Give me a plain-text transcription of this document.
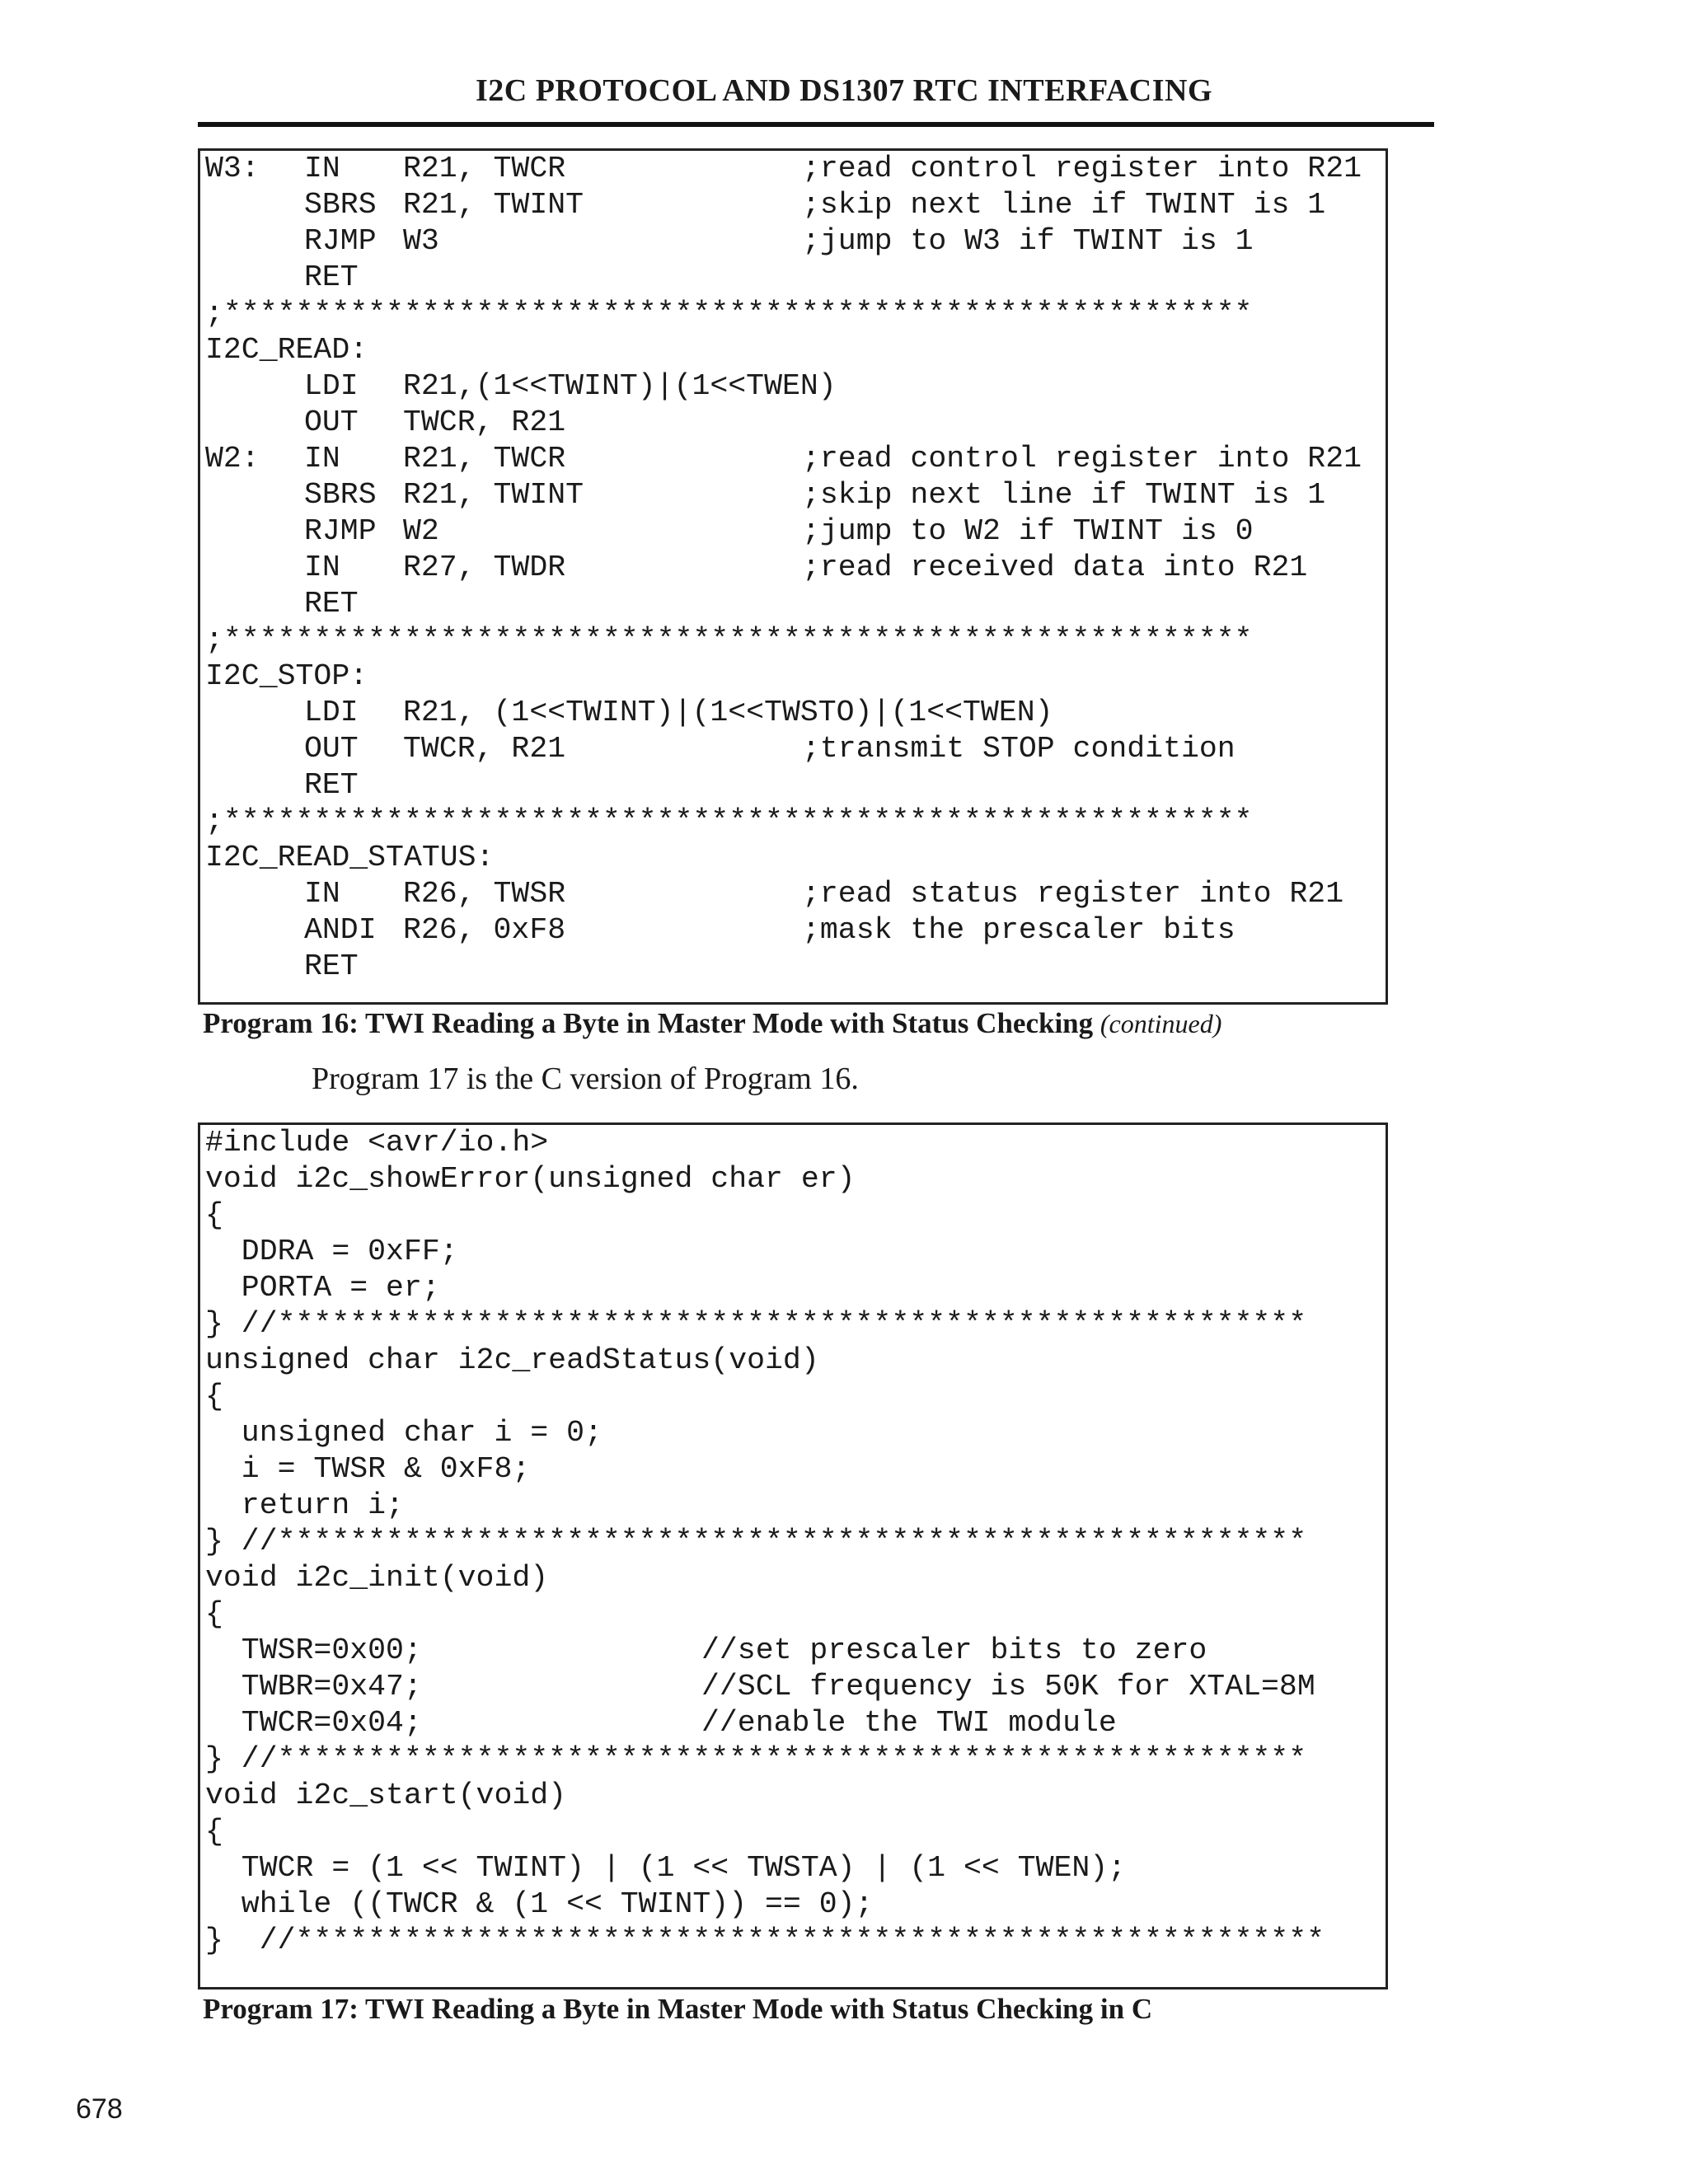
I2C PROTOCOL AND DS1307 RTC INTERFACING
W3: IN R21, TWCR	;read control register into R21
SBRS R21, TWINT	;skip next line if TWINT is 1
RJMP W3	;jump to W3 if TWINT is 1
RET
;*********************************************************
I2C_READ:
LDI R21,(1<<TWINT)|(1<<TWEN)
OUT TWCR, R21
W2: IN R21, TWCR	;read control register into R21
SBRS R21, TWINT	;skip next line if TWINT is 1
RJMP W2	;jump to W2 if TWINT is 0
IN R27, TWDR	;read received data into R21
RET
;*********************************************************
I2C_STOP:
LDI R21, (1<<TWINT)|(1<<TWSTO)|(1<<TWEN)
OUT TWCR, R21	;transmit STOP condition
RET
;*********************************************************
I2C_READ_STATUS:
IN R26, TWSR	;read status register into R21
ANDI R26, 0xF8	;mask the prescaler bits
RET
Program 16: TWI Reading a Byte in Master Mode with Status Checking (continued)
Program 17 is the C version of Program 16.
#include <avr/io.h>
void i2c_showError(unsigned char er)
{
DDRA = 0xFF;
PORTA = er;
} //*********************************************************
unsigned char i2c_readStatus(void)
{
unsigned char i = 0;
i = TWSR & 0xF8;
return i;
} //*********************************************************
void i2c_init(void)
{
TWSR=0x00;	//set prescaler bits to zero
TWBR=0x47;	//SCL frequency is 50K for XTAL=8M
TWCR=0x04;	//enable the TWI module
} //*********************************************************
void i2c_start(void)
{
TWCR = (1 << TWINT) | (1 << TWSTA) | (1 << TWEN);
while ((TWCR & (1 << TWINT)) == 0);
}  //*********************************************************
Program 17: TWI Reading a Byte in Master Mode with Status Checking in C
678
